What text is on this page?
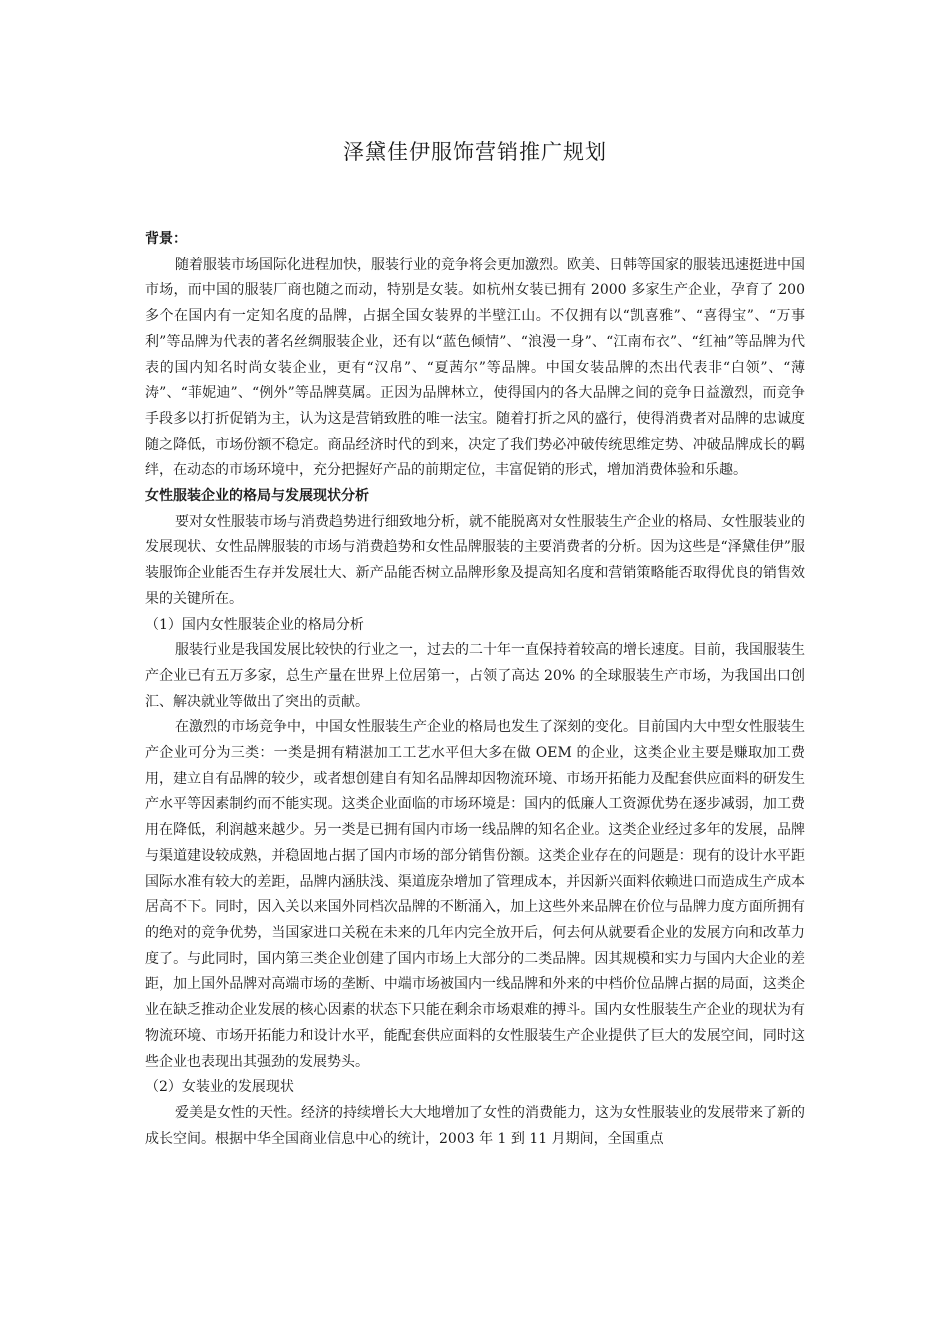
泽黛佳伊服饰营销推广规划

背景：

随着服装市场国际化进程加快，服装行业的竞争将会更加激烈。欧美、日韩等国家的服装迅速挺进中国市场，而中国的服装厂商也随之而动，特别是女装。如杭州女装已拥有 2000 多家生产企业，孕育了 200 多个在国内有一定知名度的品牌，占据全国女装界的半壁江山。不仅拥有以“凯喜雅”、“喜得宝”、“万事利”等品牌为代表的著名丝绸服装企业，还有以“蓝色倾情”、“浪漫一身”、“江南布衣”、“红袖”等品牌为代表的国内知名时尚女装企业，更有“汉帛”、“夏茜尔”等品牌。中国女装品牌的杰出代表非“白领”、“薄涛”、“菲妮迪”、“例外”等品牌莫属。正因为品牌林立，使得国内的各大品牌之间的竞争日益激烈，而竞争手段多以打折促销为主，认为这是营销致胜的唯一法宝。随着打折之风的盛行，使得消费者对品牌的忠诚度随之降低，市场份额不稳定。商品经济时代的到来，决定了我们势必冲破传统思维定势、冲破品牌成长的羁绊，在动态的市场环境中，充分把握好产品的前期定位，丰富促销的形式，增加消费体验和乐趣。

女性服装企业的格局与发展现状分析

要对女性服装市场与消费趋势进行细致地分析，就不能脱离对女性服装生产企业的格局、女性服装业的发展现状、女性品牌服装的市场与消费趋势和女性品牌服装的主要消费者的分析。因为这些是“泽黛佳伊”服装服饰企业能否生存并发展壮大、新产品能否树立品牌形象及提高知名度和营销策略能否取得优良的销售效果的关键所在。

（1）国内女性服装企业的格局分析

服装行业是我国发展比较快的行业之一，过去的二十年一直保持着较高的增长速度。目前，我国服装生产企业已有五万多家，总生产量在世界上位居第一，占领了高达 20% 的全球服装生产市场，为我国出口创汇、解决就业等做出了突出的贡献。

在激烈的市场竞争中，中国女性服装生产企业的格局也发生了深刻的变化。目前国内大中型女性服装生产企业可分为三类：一类是拥有精湛加工工艺水平但大多在做 OEM 的企业，这类企业主要是赚取加工费用，建立自有品牌的较少，或者想创建自有知名品牌却因物流环境、市场开拓能力及配套供应面料的研发生产水平等因素制约而不能实现。这类企业面临的市场环境是：国内的低廉人工资源优势在逐步减弱，加工费用在降低，利润越来越少。另一类是已拥有国内市场一线品牌的知名企业。这类企业经过多年的发展，品牌与渠道建设较成熟，并稳固地占据了国内市场的部分销售份额。这类企业存在的问题是：现有的设计水平距国际水准有较大的差距，品牌内涵肤浅、渠道庞杂增加了管理成本，并因新兴面料依赖进口而造成生产成本居高不下。同时，因入关以来国外同档次品牌的不断涌入，加上这些外来品牌在价位与品牌力度方面所拥有的绝对的竞争优势，当国家进口关税在未来的几年内完全放开后，何去何从就要看企业的发展方向和改革力度了。与此同时，国内第三类企业创建了国内市场上大部分的二类品牌。因其规模和实力与国内大企业的差距，加上国外品牌对高端市场的垄断、中端市场被国内一线品牌和外来的中档价位品牌占据的局面，这类企业在缺乏推动企业发展的核心因素的状态下只能在剩余市场艰难的搏斗。国内女性服装生产企业的现状为有物流环境、市场开拓能力和设计水平，能配套供应面料的女性服装生产企业提供了巨大的发展空间，同时这些企业也表现出其强劲的发展势头。

（2）女装业的发展现状

爱美是女性的天性。经济的持续增长大大地增加了女性的消费能力，这为女性服装业的发展带来了新的成长空间。根据中华全国商业信息中心的统计，2003 年 1 到 11 月期间，全国重点
